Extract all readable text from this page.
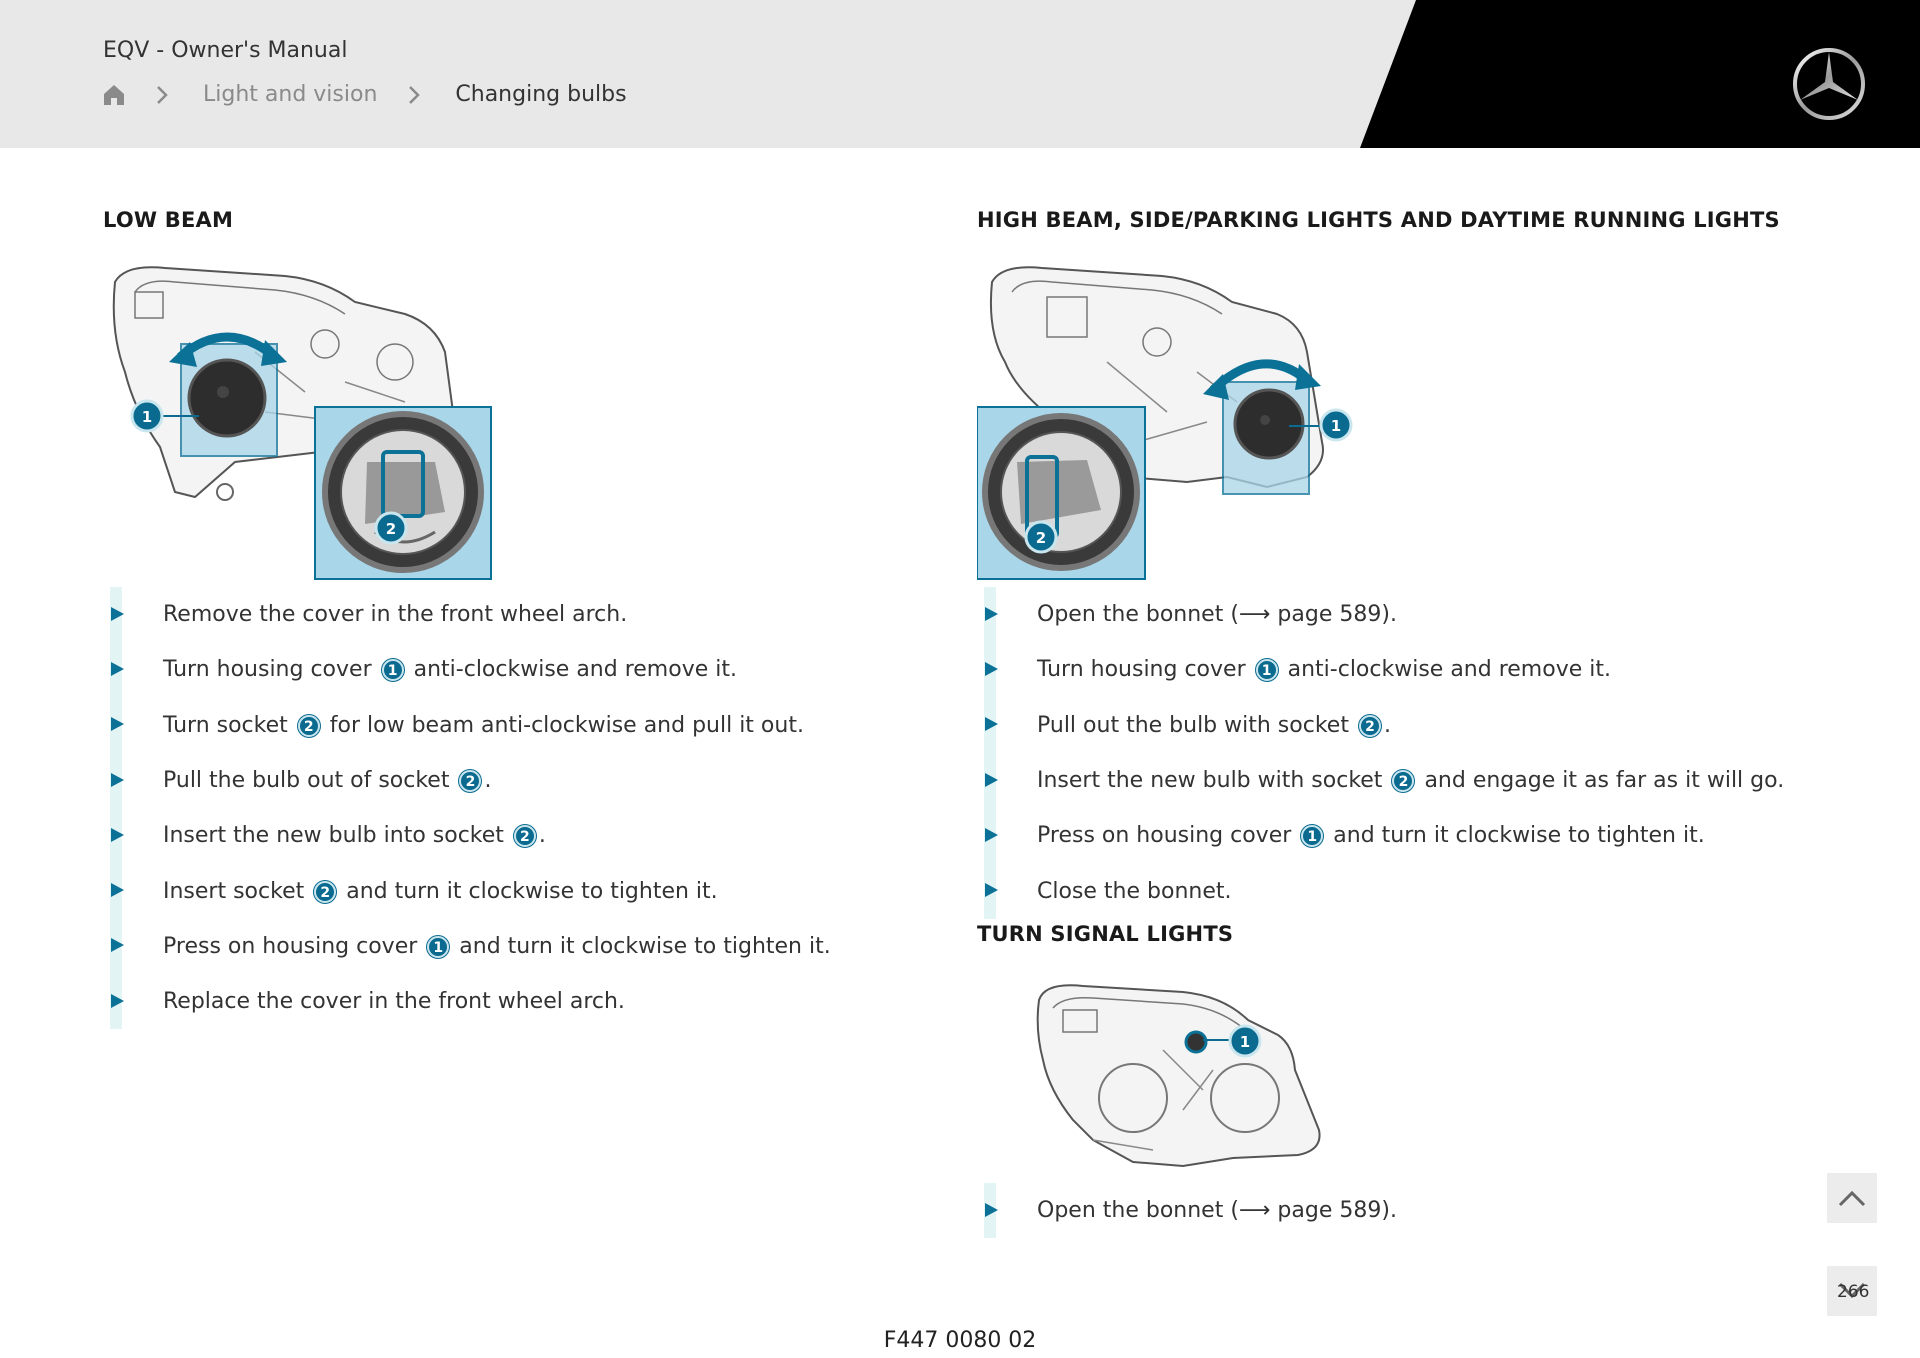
EQV - Owner's Manual
Light and vision	Changing bulbs
LOW BEAM
1
2
Remove the cover in the front wheel arch.
Turn housing cover 1 anti-clockwise and remove it.
Turn socket 2 for low beam anti-clockwise and pull it out.
Pull the bulb out of socket 2 .
Insert the new bulb into socket 2 .
Insert socket 2 and turn it clockwise to tighten it.
Press on housing cover 1 and turn it clockwise to tighten it.
Replace the cover in the front wheel arch.
HIGH BEAM, SIDE/PARKING LIGHTS AND DAYTIME RUNNING LIGHTS
1
2
Open the bonnet (⟶ page 589).
Turn housing cover 1 anti-clockwise and remove it.
Pull out the bulb with socket 2 .
Insert the new bulb with socket 2 and engage it as far as it will go.
Press on housing cover 1 and turn it clockwise to tighten it.
Close the bonnet.
TURN SIGNAL LIGHTS
1
Open the bonnet (⟶ page 589).
266
F447 0080 02
